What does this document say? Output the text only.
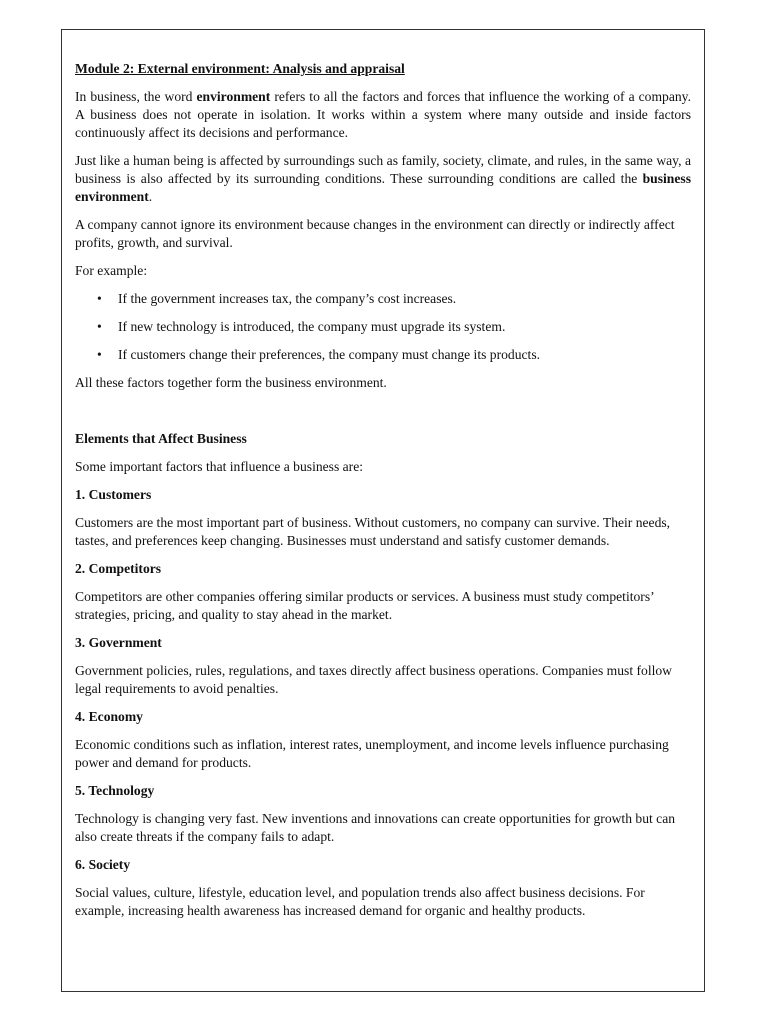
Module 2: External environment: Analysis and appraisal

In business, the word environment refers to all the factors and forces that influence the working of a company. A business does not operate in isolation. It works within a system where many outside and inside factors continuously affect its decisions and performance.

Just like a human being is affected by surroundings such as family, society, climate, and rules, in the same way, a business is also affected by its surrounding conditions. These surrounding conditions are called the business environment.

A company cannot ignore its environment because changes in the environment can directly or indirectly affect profits, growth, and survival.

For example:

• If the government increases tax, the company’s cost increases.
• If new technology is introduced, the company must upgrade its system.
• If customers change their preferences, the company must change its products.

All these factors together form the business environment.

Elements that Affect Business

Some important factors that influence a business are:

1. Customers

Customers are the most important part of business. Without customers, no company can survive. Their needs, tastes, and preferences keep changing. Businesses must understand and satisfy customer demands.

2. Competitors

Competitors are other companies offering similar products or services. A business must study competitors’ strategies, pricing, and quality to stay ahead in the market.

3. Government

Government policies, rules, regulations, and taxes directly affect business operations. Companies must follow legal requirements to avoid penalties.

4. Economy

Economic conditions such as inflation, interest rates, unemployment, and income levels influence purchasing power and demand for products.

5. Technology

Technology is changing very fast. New inventions and innovations can create opportunities for growth but can also create threats if the company fails to adapt.

6. Society

Social values, culture, lifestyle, education level, and population trends also affect business decisions. For example, increasing health awareness has increased demand for organic and healthy products.
